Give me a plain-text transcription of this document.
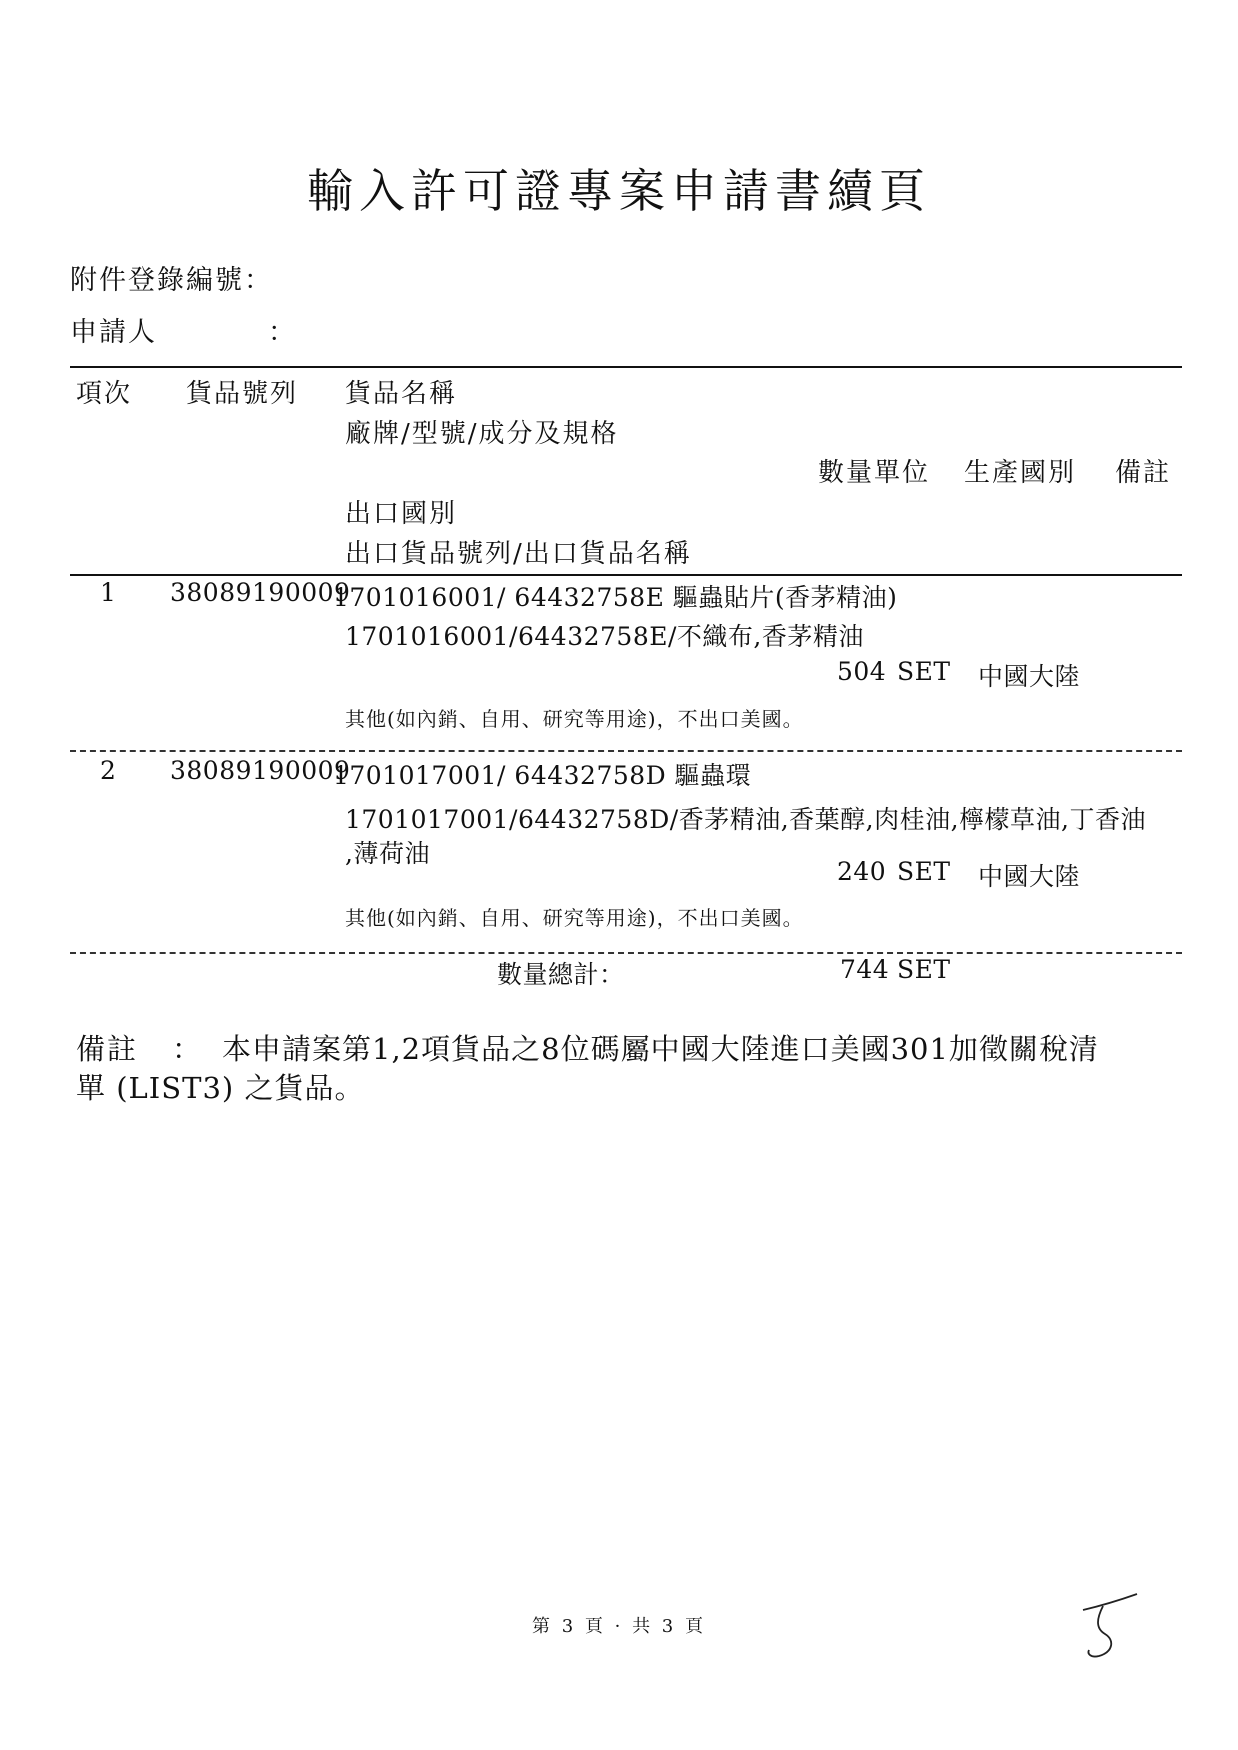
輸入許可證專案申請書續頁
附件登錄編號：
申請人	：
項次 貨品號列 貨品名稱
廠牌/型號/成分及規格
數量單位 生產國別 備註
出口國別
出口貨品號列/出口貨品名稱
1 38089190009
1701016001/ 64432758E 驅蟲貼片(香茅精油)
1701016001/64432758E/不織布,香茅精油
504 SET 中國大陸
其他(如內銷、自用、研究等用途)，不出口美國。
2 38089190009
1701017001/ 64432758D 驅蟲環
1701017001/64432758D/香茅精油,香葉醇,肉桂油,檸檬草油,丁香油
,薄荷油
240 SET 中國大陸
其他(如內銷、自用、研究等用途)，不出口美國。
數量總計：	744 SET
備註 ： 本申請案第1,2項貨品之8位碼屬中國大陸進口美國301加徵關稅清
單 (LIST3) 之貨品。
第 3 頁 · 共 3 頁
